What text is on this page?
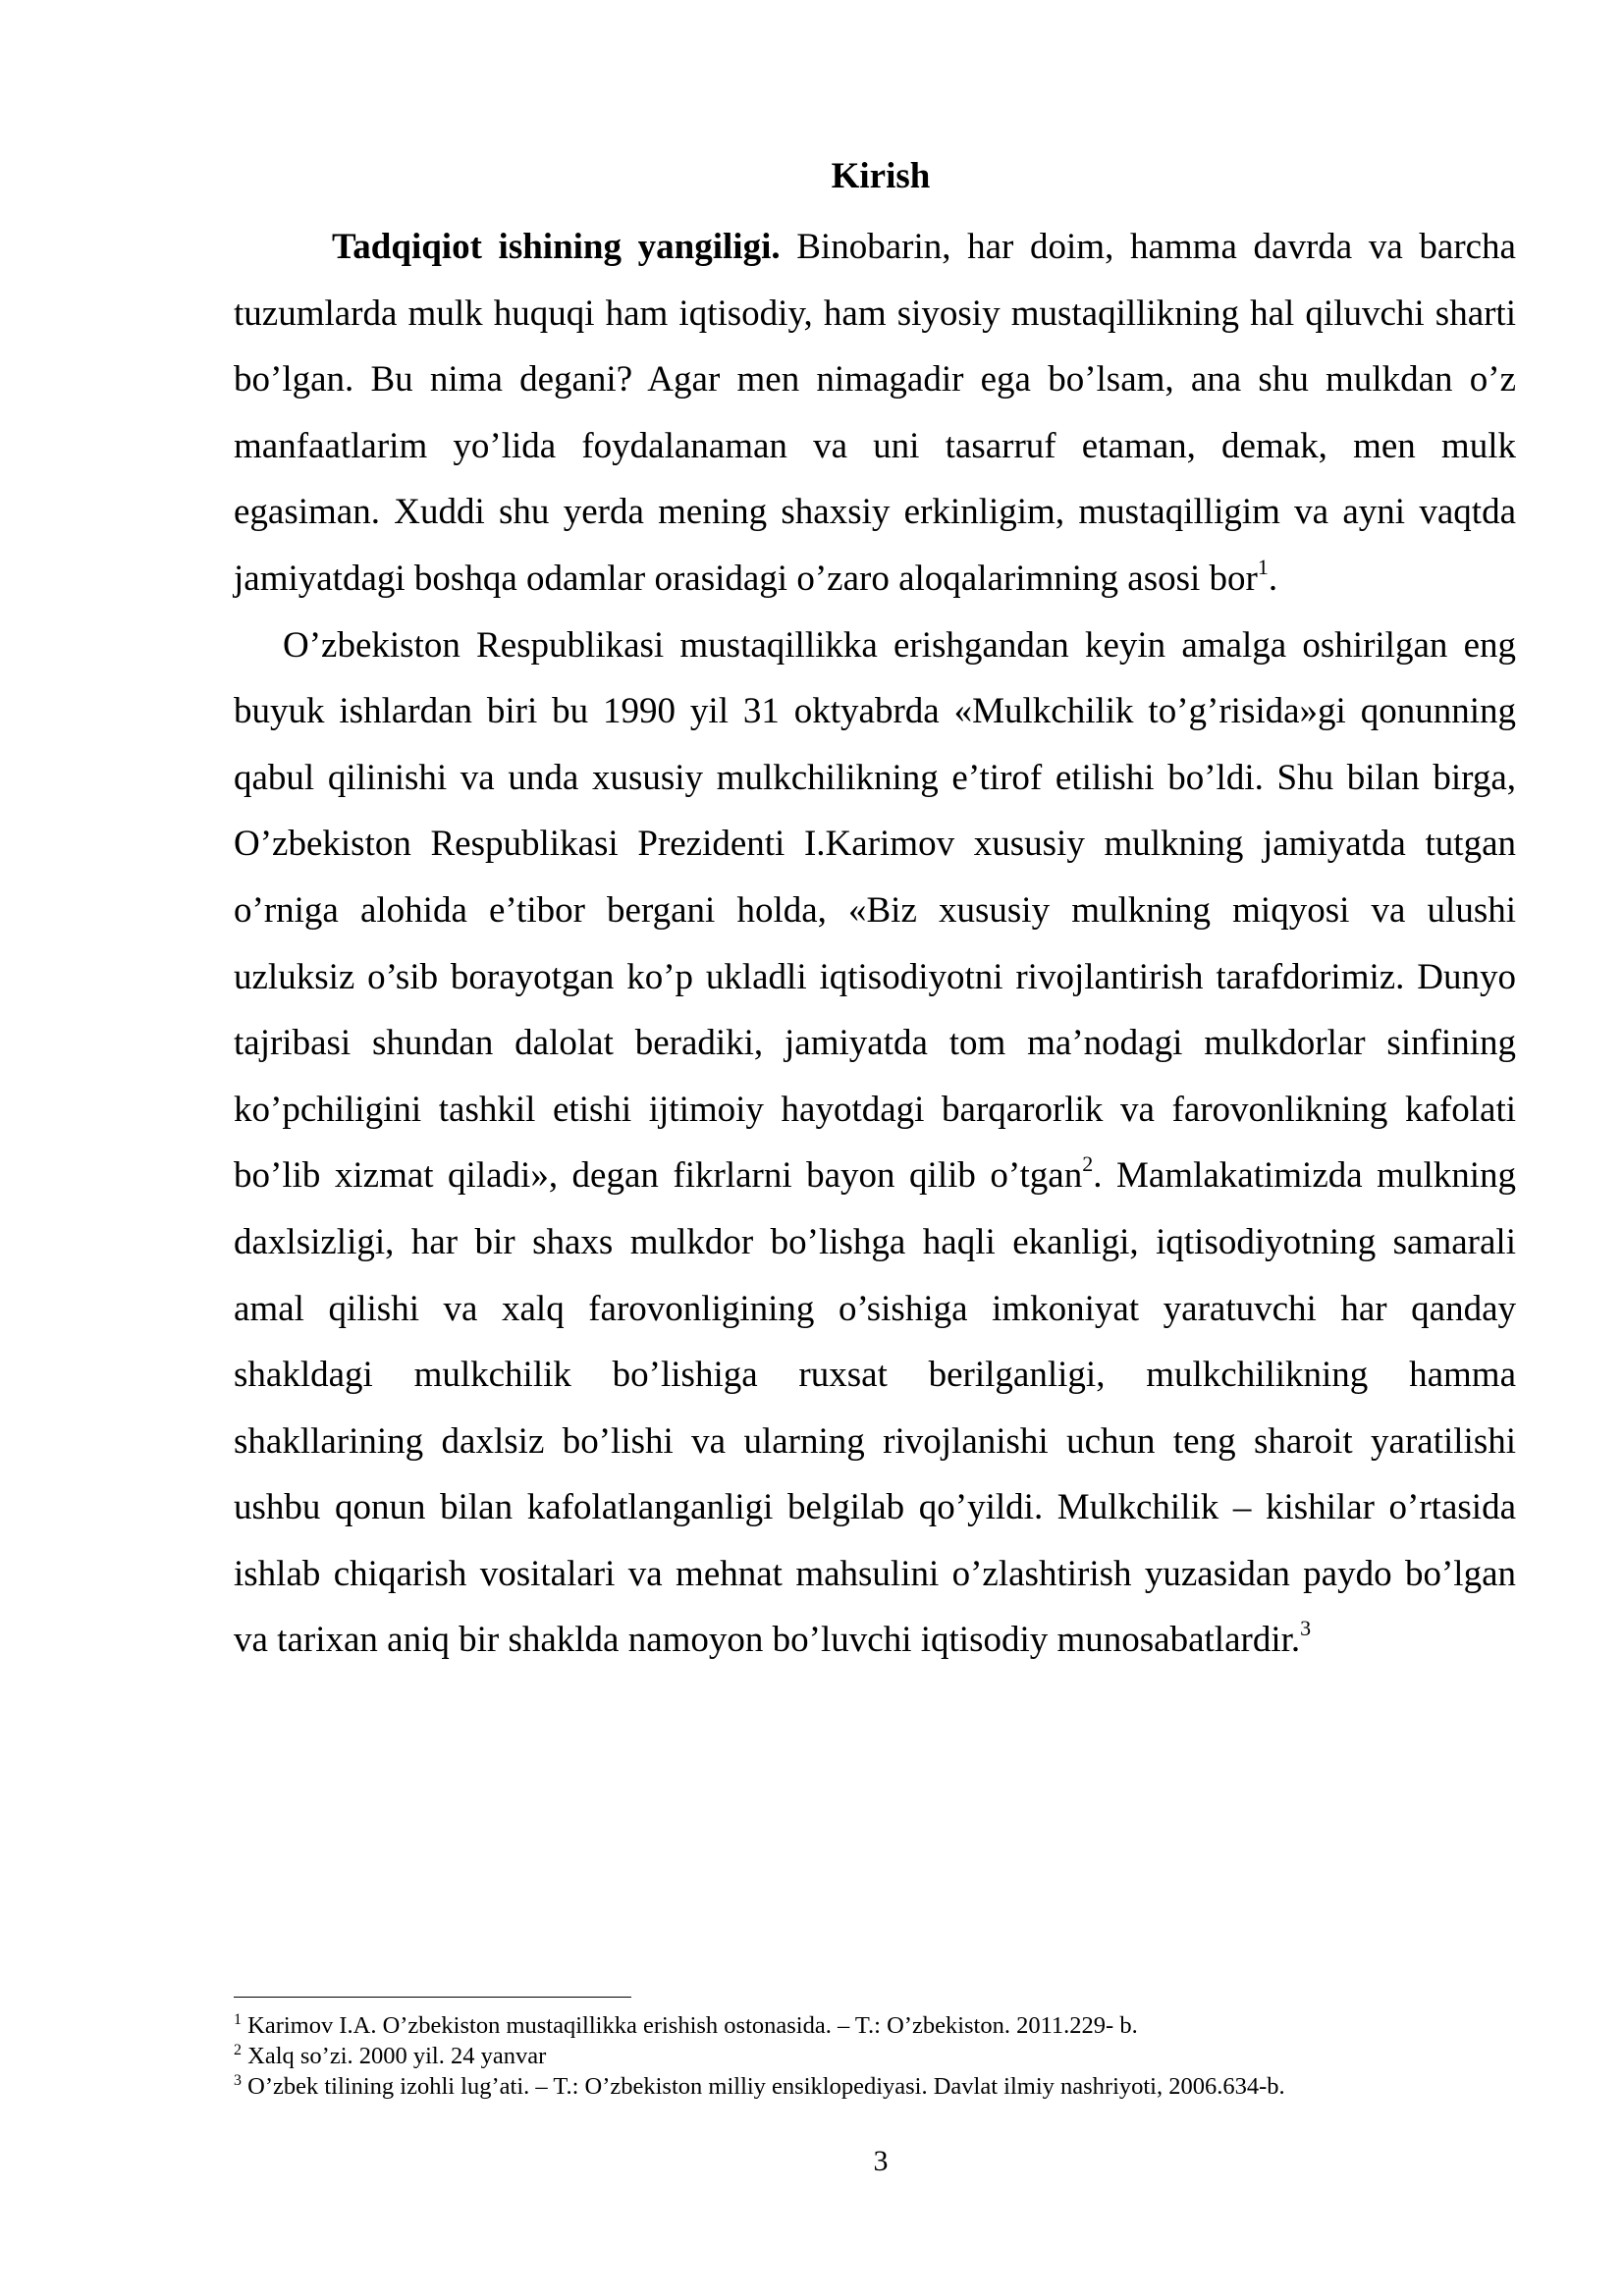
Kirish

Tadqiqiot ishining yangiligi. Binobarin, har doim, hamma davrda va barcha tuzumlarda mulk huquqi ham iqtisodiy, ham siyosiy mustaqillikning hal qiluvchi sharti bo’lgan. Bu nima degani? Agar men nimagadir ega bo’lsam, ana shu mulkdan o’z manfaatlarim yo’lida foydalanaman va uni tasarruf etaman, demak, men mulk egasiman. Xuddi shu yerda mening shaxsiy erkinligim, mustaqilligim va ayni vaqtda jamiyatdagi boshqa odamlar orasidagi o’zaro aloqalarimning asosi bor$^1$.

O’zbekiston Respublikasi mustaqillikka erishgandan keyin amalga oshirilgan eng buyuk ishlardan biri bu 1990 yil 31 oktyabrda «Mulkchilik to’g’risida»gi qonunning qabul qilinishi va unda xususiy mulkchilikning e’tirof etilishi bo’ldi. Shu bilan birga, O’zbekiston Respublikasi Prezidenti I.Karimov xususiy mulkning jamiyatda tutgan o’rniga alohida e’tibor bergani holda, «Biz xususiy mulkning miqyosi va ulushi uzluksiz o’sib borayotgan ko’p ukladli iqtisodiyotni rivojlantirish tarafdorimiz. Dunyo tajribasi shundan dalolat beradiki, jamiyatda tom ma’nodagi mulkdorlar sinfining ko’pchiligini tashkil etishi ijtimoiy hayotdagi barqarorlik va farovonlikning kafolati bo’lib xizmat qiladi», degan fikrlarni bayon qilib o’tgan$^2$. Mamlakatimizda mulkning daxlsizligi, har bir shaxs mulkdor bo’lishga haqli ekanligi, iqtisodiyotning samarali amal qilishi va xalq farovonligining o’sishiga imkoniyat yaratuvchi har qanday shakldagi mulkchilik bo’lishiga ruxsat berilganligi, mulkchilikning hamma shakllarining daxlsiz bo’lishi va ularning rivojlanishi uchun teng sharoit yaratilishi ushbu qonun bilan kafolatlanganligi belgilab qo’yildi. Mulkchilik – kishilar o’rtasida ishlab chiqarish vositalari va mehnat mahsulini o’zlashtirish yuzasidan paydo bo’lgan va tarixan aniq bir shaklda namoyon bo’luvchi iqtisodiy munosabatlardir.$^3$

$^1$ Karimov I.A. O’zbekiston mustaqillikka erishish ostonasida. – T.: O’zbekiston. 2011.229- b.
$^2$ Xalq so’zi. 2000 yil. 24 yanvar
$^3$ O’zbek tilining izohli lug’ati. – T.: O’zbekiston milliy ensiklopediyasi. Davlat ilmiy nashriyoti, 2006.634-b.
3
